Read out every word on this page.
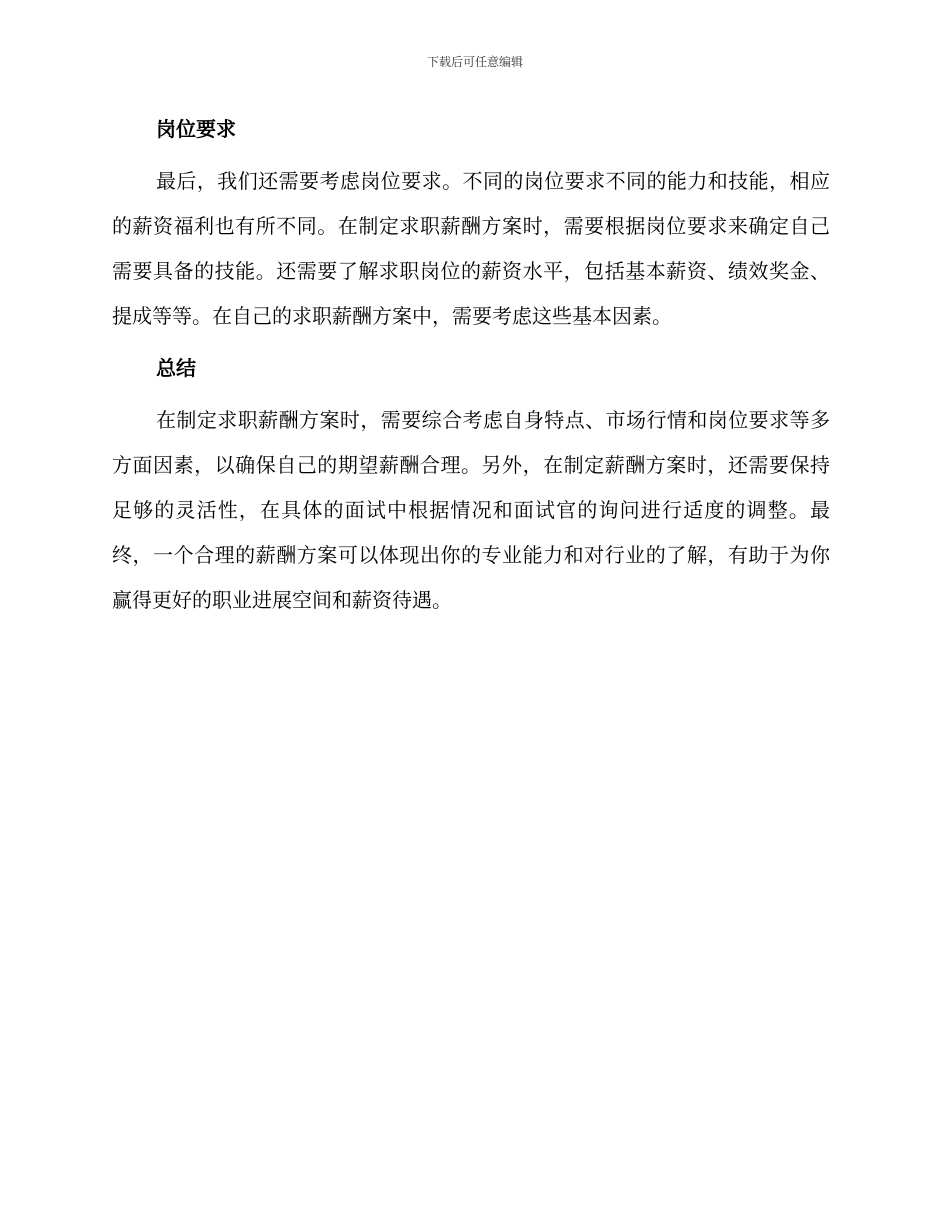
下载后可任意编辑
岗位要求

最后，我们还需要考虑岗位要求。不同的岗位要求不同的能力和技能，相应的薪资福利也有所不同。在制定求职薪酬方案时，需要根据岗位要求来确定自己需要具备的技能。还需要了解求职岗位的薪资水平，包括基本薪资、绩效奖金、提成等等。在自己的求职薪酬方案中，需要考虑这些基本因素。

总结

在制定求职薪酬方案时，需要综合考虑自身特点、市场行情和岗位要求等多方面因素，以确保自己的期望薪酬合理。另外，在制定薪酬方案时，还需要保持足够的灵活性，在具体的面试中根据情况和面试官的询问进行适度的调整。最终，一个合理的薪酬方案可以体现出你的专业能力和对行业的了解，有助于为你赢得更好的职业进展空间和薪资待遇。
